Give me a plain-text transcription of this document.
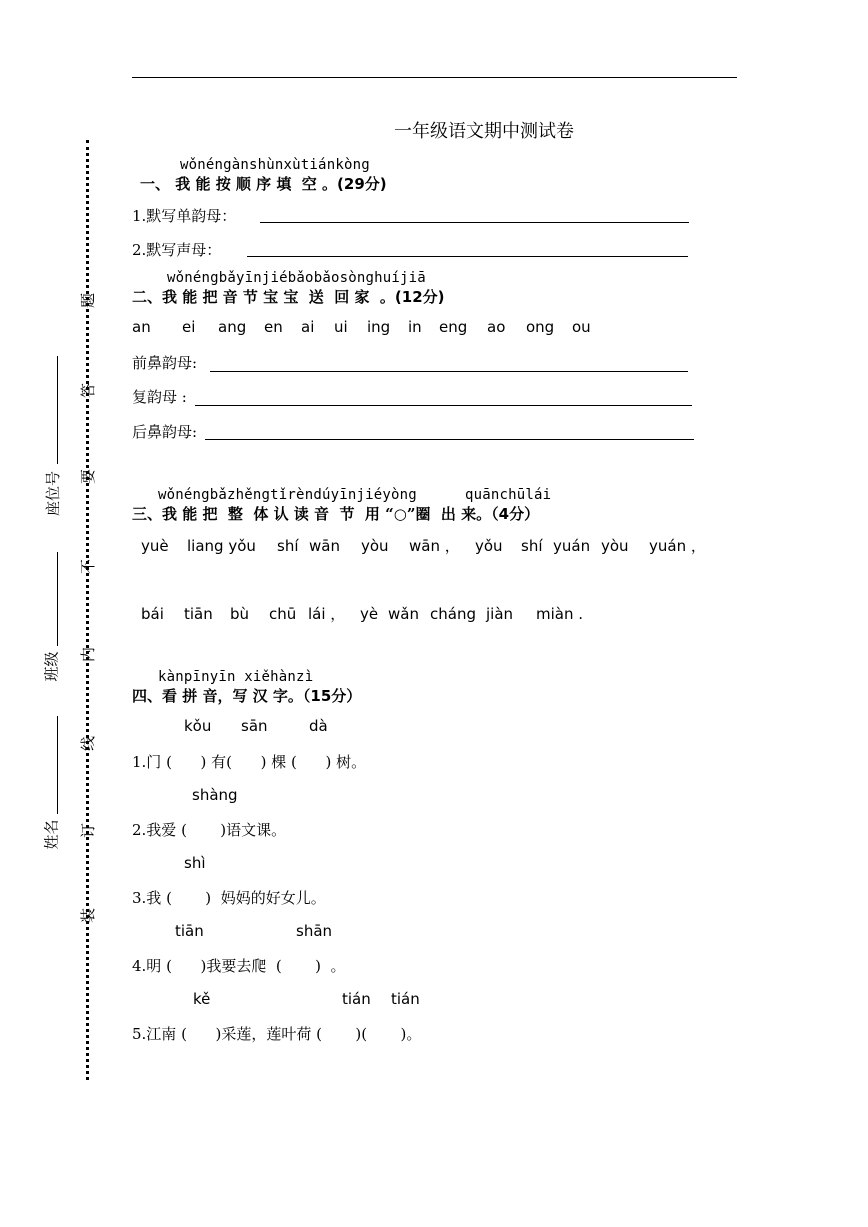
一年级语文期中测试卷
题
答
要
不
内
线
订
装
座位号
班级
姓名
wǒnéngànshùnxùtiánkòng
一、 我 能 按 顺 序 填  空 。(29分)
1.默写单韵母：
2.默写声母：
wǒnéngbǎyīnjiébǎobǎosònghuíjiā
二、我 能 把 音 节 宝 宝  送  回 家  。(12分)
an ei ang en ai ui ing in eng ao ong ou
前鼻韵母:
复韵母 :
后鼻韵母:
wǒnéngbǎzhěngtǐrèndúyīnjiéyòng	quānchūlái
三、我 能 把  整  体 认 读 音  节  用 “○”圈  出 来。（4分）
yuè liang yǒu shí wān yòu wān ， yǒu shí yuán yòu yuán ，
bái tiān bù chū lái ， yè wǎn cháng jiàn miàn .
kànpīnyīn xiěhànzì
四、看 拼 音，写 汉 字。（15分）
kǒu sān	dà
1.门 (      ) 有(      ) 棵 (      ) 树。
shàng
2.我爱 (       )语文课。
shì
3.我 (       )  妈妈的好女儿。
tiān	shān
4.明 (      )我要去爬  (       )  。
kě	tián tián
5.江南 (      )采莲，莲叶荷 (       )(       )。
